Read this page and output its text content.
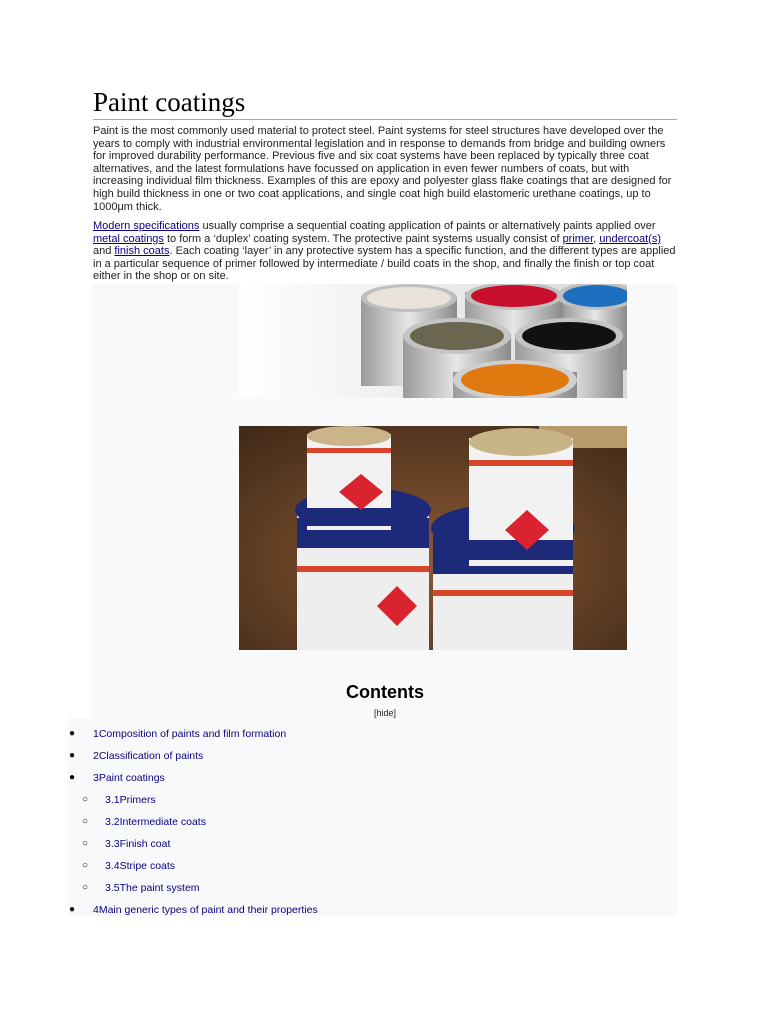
Paint coatings

Paint is the most commonly used material to protect steel. Paint systems for steel structures have developed over the years to comply with industrial environmental legislation and in response to demands from bridge and building owners for improved durability performance. Previous five and six coat systems have been replaced by typically three coat alternatives, and the latest formulations have focussed on application in even fewer numbers of coats, but with increasing individual film thickness. Examples of this are epoxy and polyester glass flake coatings that are designed for high build thickness in one or two coat applications, and single coat high build elastomeric urethane coatings, up to 1000μm thick.

Modern specifications usually comprise a sequential coating application of paints or alternatively paints applied over metal coatings to form a ‘duplex’ coating system. The protective paint systems usually consist of primer, undercoat(s) and finish coats. Each coating ‘layer’ in any protective system has a specific function, and the different types are applied in a particular sequence of primer followed by intermediate / build coats in the shop, and finally the finish or top coat either in the shop or on site.

Contents
[hide]
● 1Composition of paints and film formation
● 2Classification of paints
● 3Paint coatings
○ 3.1Primers
○ 3.2Intermediate coats
○ 3.3Finish coat
○ 3.4Stripe coats
○ 3.5The paint system
● 4Main generic types of paint and their properties
